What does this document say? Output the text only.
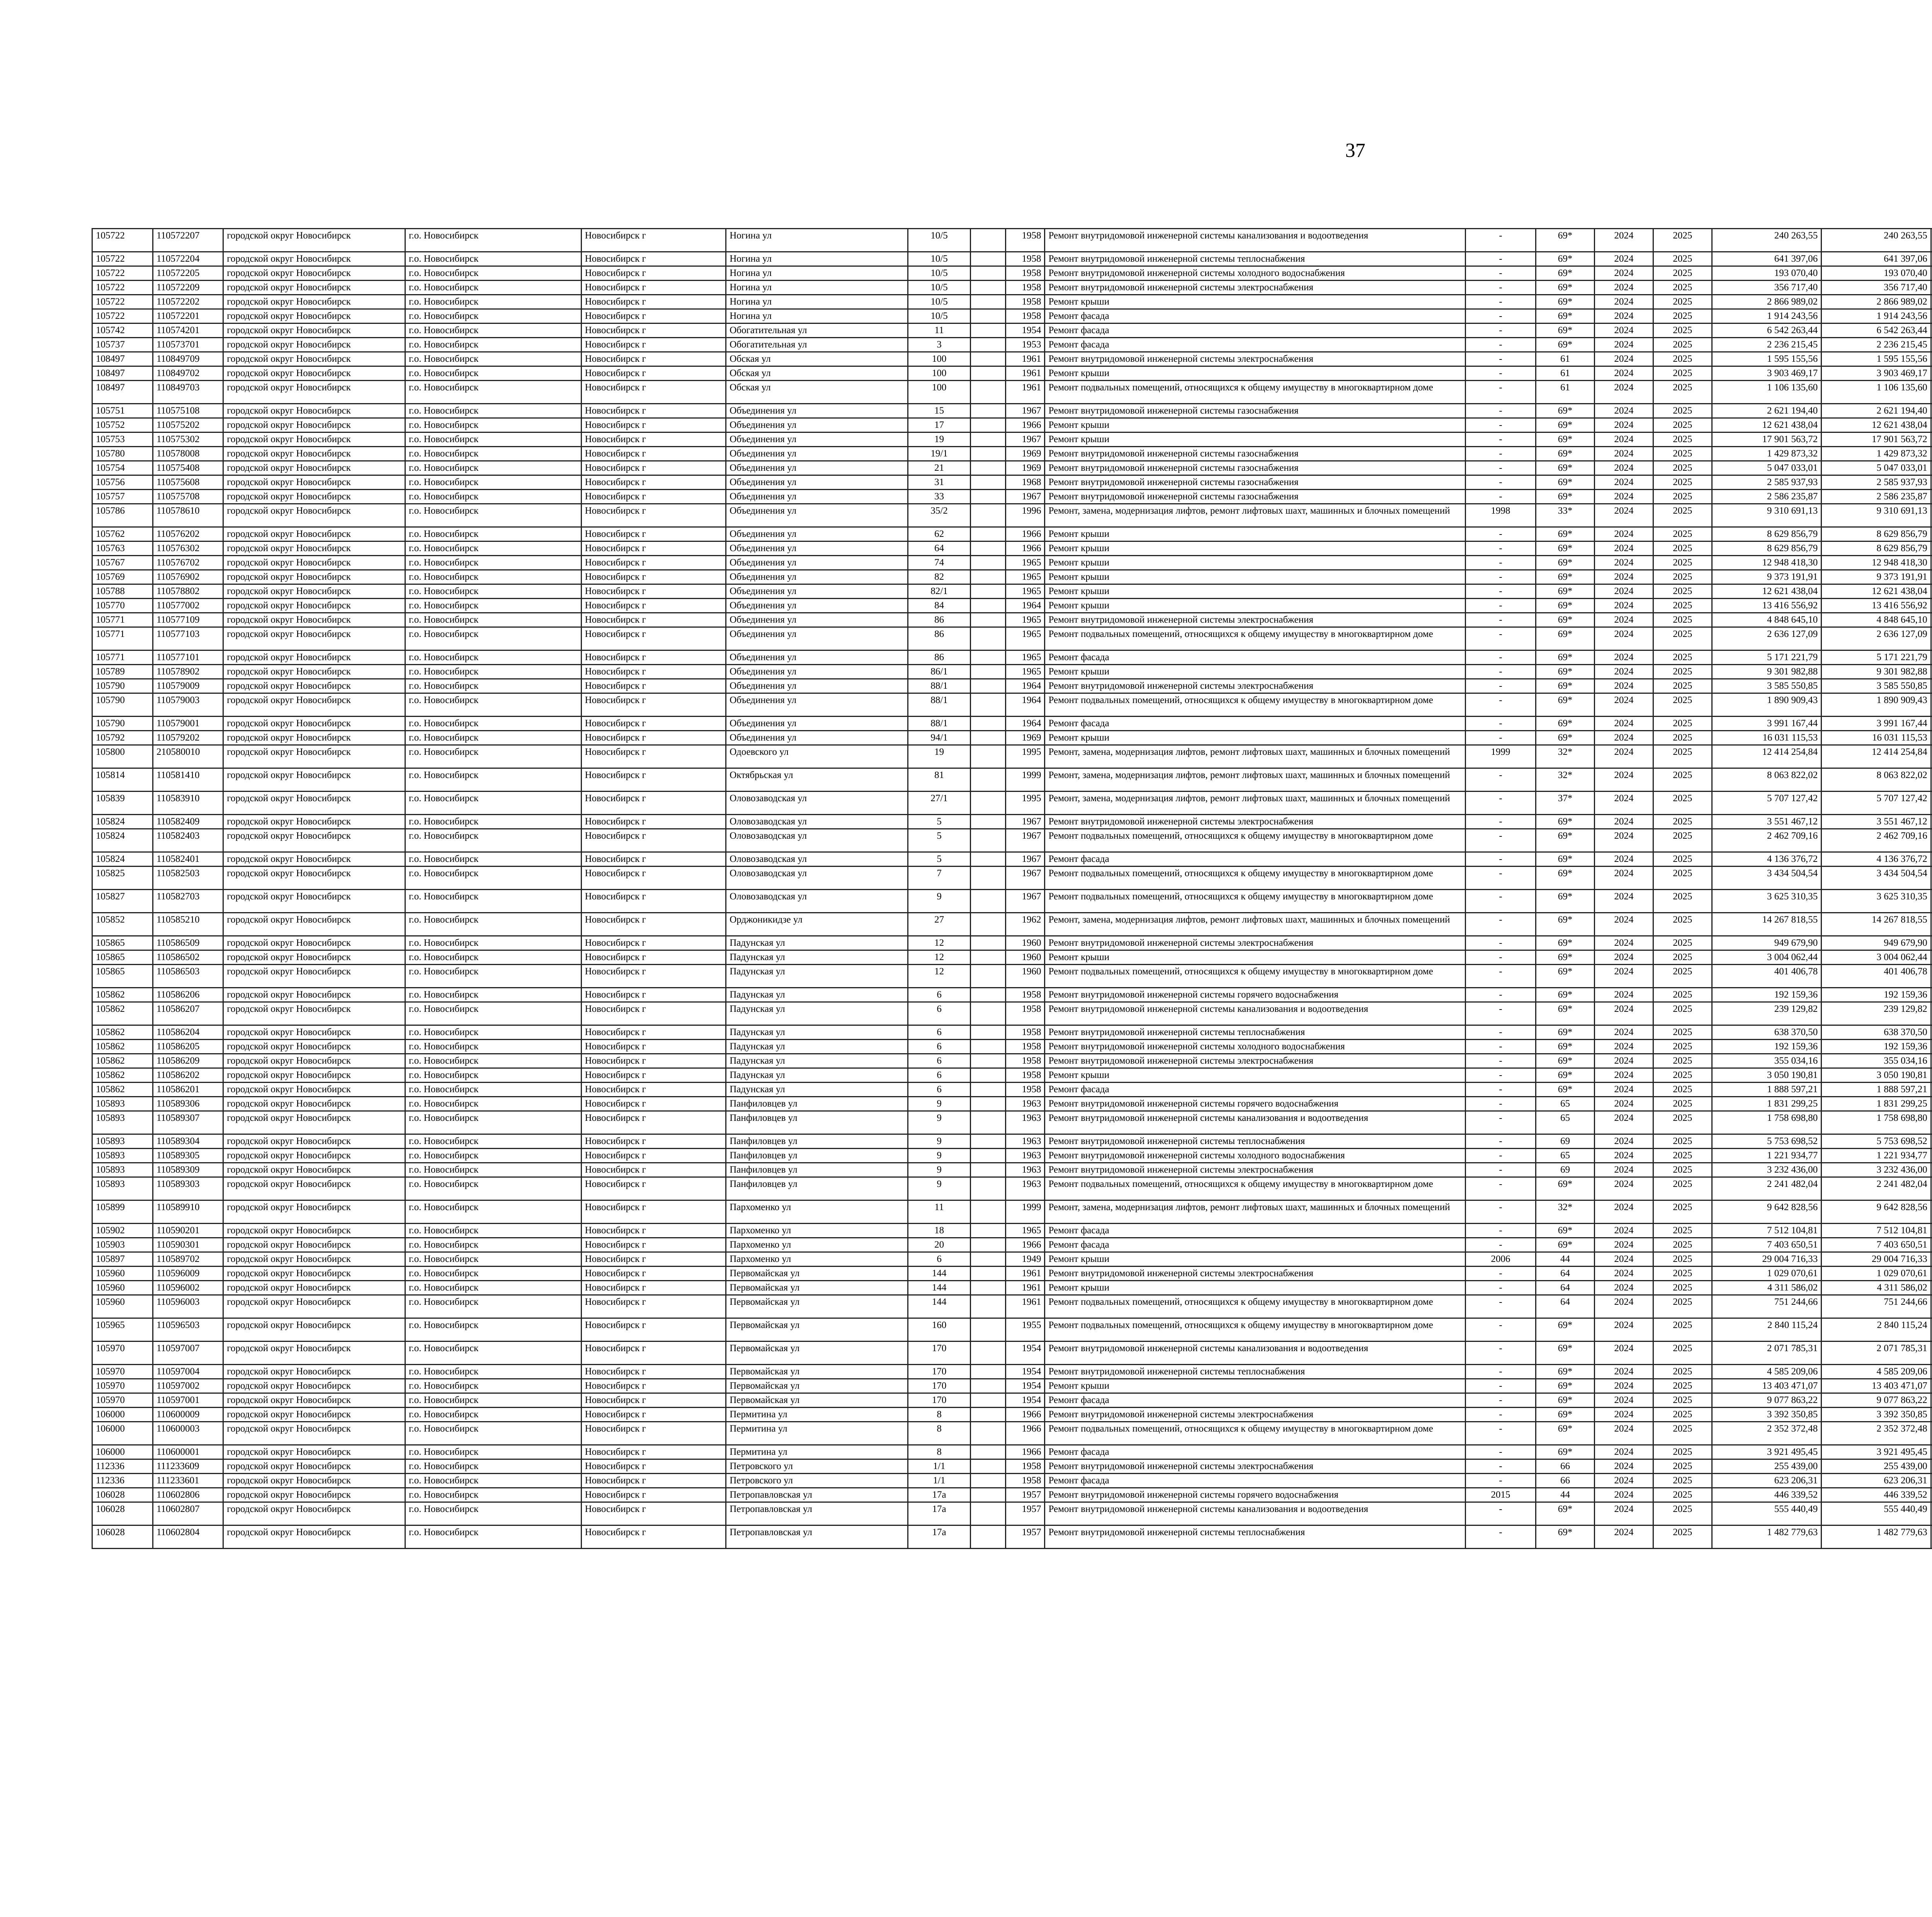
37
105722	110572207	городской округ Новосибирск	г.о. Новосибирск	Новосибирск г	Ногина ул	10/5		1958	Ремонт внутридомовой инженерной системы канализования и водоотведения	-	69*	2024	2025	240 263,55	240 263,55						
105722	110572204	городской округ Новосибирск	г.о. Новосибирск	Новосибирск г	Ногина ул	10/5		1958	Ремонт внутридомовой инженерной системы теплоснабжения	-	69*	2024	2025	641 397,06	641 397,06						
105722	110572205	городской округ Новосибирск	г.о. Новосибирск	Новосибирск г	Ногина ул	10/5		1958	Ремонт внутридомовой инженерной системы холодного водоснабжения	-	69*	2024	2025	193 070,40	193 070,40						
105722	110572209	городской округ Новосибирск	г.о. Новосибирск	Новосибирск г	Ногина ул	10/5		1958	Ремонт внутридомовой инженерной системы электроснабжения	-	69*	2024	2025	356 717,40	356 717,40						
105722	110572202	городской округ Новосибирск	г.о. Новосибирск	Новосибирск г	Ногина ул	10/5		1958	Ремонт крыши	-	69*	2024	2025	2 866 989,02	2 866 989,02						
105722	110572201	городской округ Новосибирск	г.о. Новосибирск	Новосибирск г	Ногина ул	10/5		1958	Ремонт фасада	-	69*	2024	2025	1 914 243,56	1 914 243,56						
105742	110574201	городской округ Новосибирск	г.о. Новосибирск	Новосибирск г	Обогатительная ул	11		1954	Ремонт фасада	-	69*	2024	2025	6 542 263,44	6 542 263,44						
105737	110573701	городской округ Новосибирск	г.о. Новосибирск	Новосибирск г	Обогатительная ул	3		1953	Ремонт фасада	-	69*	2024	2025	2 236 215,45	2 236 215,45						
108497	110849709	городской округ Новосибирск	г.о. Новосибирск	Новосибирск г	Обская ул	100		1961	Ремонт внутридомовой инженерной системы электроснабжения	-	61	2024	2025	1 595 155,56	1 595 155,56						
108497	110849702	городской округ Новосибирск	г.о. Новосибирск	Новосибирск г	Обская ул	100		1961	Ремонт крыши	-	61	2024	2025	3 903 469,17	3 903 469,17						
108497	110849703	городской округ Новосибирск	г.о. Новосибирск	Новосибирск г	Обская ул	100		1961	Ремонт подвальных помещений, относящихся к общему имуществу в многоквартирном доме	-	61	2024	2025	1 106 135,60	1 106 135,60						
105751	110575108	городской округ Новосибирск	г.о. Новосибирск	Новосибирск г	Объединения ул	15		1967	Ремонт внутридомовой инженерной системы газоснабжения	-	69*	2024	2025	2 621 194,40	2 621 194,40						
105752	110575202	городской округ Новосибирск	г.о. Новосибирск	Новосибирск г	Объединения ул	17		1966	Ремонт крыши	-	69*	2024	2025	12 621 438,04	12 621 438,04						
105753	110575302	городской округ Новосибирск	г.о. Новосибирск	Новосибирск г	Объединения ул	19		1967	Ремонт крыши	-	69*	2024	2025	17 901 563,72	17 901 563,72						
105780	110578008	городской округ Новосибирск	г.о. Новосибирск	Новосибирск г	Объединения ул	19/1		1969	Ремонт внутридомовой инженерной системы газоснабжения	-	69*	2024	2025	1 429 873,32	1 429 873,32						
105754	110575408	городской округ Новосибирск	г.о. Новосибирск	Новосибирск г	Объединения ул	21		1969	Ремонт внутридомовой инженерной системы газоснабжения	-	69*	2024	2025	5 047 033,01	5 047 033,01						
105756	110575608	городской округ Новосибирск	г.о. Новосибирск	Новосибирск г	Объединения ул	31		1968	Ремонт внутридомовой инженерной системы газоснабжения	-	69*	2024	2025	2 585 937,93	2 585 937,93						
105757	110575708	городской округ Новосибирск	г.о. Новосибирск	Новосибирск г	Объединения ул	33		1967	Ремонт внутридомовой инженерной системы газоснабжения	-	69*	2024	2025	2 586 235,87	2 586 235,87						
105786	110578610	городской округ Новосибирск	г.о. Новосибирск	Новосибирск г	Объединения ул	35/2		1996	Ремонт, замена, модернизация лифтов, ремонт лифтовых шахт, машинных и блочных помещений	1998	33*	2024	2025	9 310 691,13	9 310 691,13						
105762	110576202	городской округ Новосибирск	г.о. Новосибирск	Новосибирск г	Объединения ул	62		1966	Ремонт крыши	-	69*	2024	2025	8 629 856,79	8 629 856,79						
105763	110576302	городской округ Новосибирск	г.о. Новосибирск	Новосибирск г	Объединения ул	64		1966	Ремонт крыши	-	69*	2024	2025	8 629 856,79	8 629 856,79						
105767	110576702	городской округ Новосибирск	г.о. Новосибирск	Новосибирск г	Объединения ул	74		1965	Ремонт крыши	-	69*	2024	2025	12 948 418,30	12 948 418,30						
105769	110576902	городской округ Новосибирск	г.о. Новосибирск	Новосибирск г	Объединения ул	82		1965	Ремонт крыши	-	69*	2024	2025	9 373 191,91	9 373 191,91						
105788	110578802	городской округ Новосибирск	г.о. Новосибирск	Новосибирск г	Объединения ул	82/1		1965	Ремонт крыши	-	69*	2024	2025	12 621 438,04	12 621 438,04						
105770	110577002	городской округ Новосибирск	г.о. Новосибирск	Новосибирск г	Объединения ул	84		1964	Ремонт крыши	-	69*	2024	2025	13 416 556,92	13 416 556,92						
105771	110577109	городской округ Новосибирск	г.о. Новосибирск	Новосибирск г	Объединения ул	86		1965	Ремонт внутридомовой инженерной системы электроснабжения	-	69*	2024	2025	4 848 645,10	4 848 645,10						
105771	110577103	городской округ Новосибирск	г.о. Новосибирск	Новосибирск г	Объединения ул	86		1965	Ремонт подвальных помещений, относящихся к общему имуществу в многоквартирном доме	-	69*	2024	2025	2 636 127,09	2 636 127,09						
105771	110577101	городской округ Новосибирск	г.о. Новосибирск	Новосибирск г	Объединения ул	86		1965	Ремонт фасада	-	69*	2024	2025	5 171 221,79	5 171 221,79						
105789	110578902	городской округ Новосибирск	г.о. Новосибирск	Новосибирск г	Объединения ул	86/1		1965	Ремонт крыши	-	69*	2024	2025	9 301 982,88	9 301 982,88						
105790	110579009	городской округ Новосибирск	г.о. Новосибирск	Новосибирск г	Объединения ул	88/1		1964	Ремонт внутридомовой инженерной системы электроснабжения	-	69*	2024	2025	3 585 550,85	3 585 550,85						
105790	110579003	городской округ Новосибирск	г.о. Новосибирск	Новосибирск г	Объединения ул	88/1		1964	Ремонт подвальных помещений, относящихся к общему имуществу в многоквартирном доме	-	69*	2024	2025	1 890 909,43	1 890 909,43						
105790	110579001	городской округ Новосибирск	г.о. Новосибирск	Новосибирск г	Объединения ул	88/1		1964	Ремонт фасада	-	69*	2024	2025	3 991 167,44	3 991 167,44						
105792	110579202	городской округ Новосибирск	г.о. Новосибирск	Новосибирск г	Объединения ул	94/1		1969	Ремонт крыши	-	69*	2024	2025	16 031 115,53	16 031 115,53						
105800	210580010	городской округ Новосибирск	г.о. Новосибирск	Новосибирск г	Одоевского ул	19		1995	Ремонт, замена, модернизация лифтов, ремонт лифтовых шахт, машинных и блочных помещений	1999	32*	2024	2025	12 414 254,84	12 414 254,84						
105814	110581410	городской округ Новосибирск	г.о. Новосибирск	Новосибирск г	Октябрьская ул	81		1999	Ремонт, замена, модернизация лифтов, ремонт лифтовых шахт, машинных и блочных помещений	-	32*	2024	2025	8 063 822,02	8 063 822,02						
105839	110583910	городской округ Новосибирск	г.о. Новосибирск	Новосибирск г	Оловозаводская ул	27/1		1995	Ремонт, замена, модернизация лифтов, ремонт лифтовых шахт, машинных и блочных помещений	-	37*	2024	2025	5 707 127,42	5 707 127,42						
105824	110582409	городской округ Новосибирск	г.о. Новосибирск	Новосибирск г	Оловозаводская ул	5		1967	Ремонт внутридомовой инженерной системы электроснабжения	-	69*	2024	2025	3 551 467,12	3 551 467,12						
105824	110582403	городской округ Новосибирск	г.о. Новосибирск	Новосибирск г	Оловозаводская ул	5		1967	Ремонт подвальных помещений, относящихся к общему имуществу в многоквартирном доме	-	69*	2024	2025	2 462 709,16	2 462 709,16						
105824	110582401	городской округ Новосибирск	г.о. Новосибирск	Новосибирск г	Оловозаводская ул	5		1967	Ремонт фасада	-	69*	2024	2025	4 136 376,72	4 136 376,72						
105825	110582503	городской округ Новосибирск	г.о. Новосибирск	Новосибирск г	Оловозаводская ул	7		1967	Ремонт подвальных помещений, относящихся к общему имуществу в многоквартирном доме	-	69*	2024	2025	3 434 504,54	3 434 504,54						
105827	110582703	городской округ Новосибирск	г.о. Новосибирск	Новосибирск г	Оловозаводская ул	9		1967	Ремонт подвальных помещений, относящихся к общему имуществу в многоквартирном доме	-	69*	2024	2025	3 625 310,35	3 625 310,35						
105852	110585210	городской округ Новосибирск	г.о. Новосибирск	Новосибирск г	Орджоникидзе ул	27		1962	Ремонт, замена, модернизация лифтов, ремонт лифтовых шахт, машинных и блочных помещений	-	69*	2024	2025	14 267 818,55	14 267 818,55						
105865	110586509	городской округ Новосибирск	г.о. Новосибирск	Новосибирск г	Падунская ул	12		1960	Ремонт внутридомовой инженерной системы электроснабжения	-	69*	2024	2025	949 679,90	949 679,90						
105865	110586502	городской округ Новосибирск	г.о. Новосибирск	Новосибирск г	Падунская ул	12		1960	Ремонт крыши	-	69*	2024	2025	3 004 062,44	3 004 062,44						
105865	110586503	городской округ Новосибирск	г.о. Новосибирск	Новосибирск г	Падунская ул	12		1960	Ремонт подвальных помещений, относящихся к общему имуществу в многоквартирном доме	-	69*	2024	2025	401 406,78	401 406,78						
105862	110586206	городской округ Новосибирск	г.о. Новосибирск	Новосибирск г	Падунская ул	6		1958	Ремонт внутридомовой инженерной системы горячего водоснабжения	-	69*	2024	2025	192 159,36	192 159,36						
105862	110586207	городской округ Новосибирск	г.о. Новосибирск	Новосибирск г	Падунская ул	6		1958	Ремонт внутридомовой инженерной системы канализования и водоотведения	-	69*	2024	2025	239 129,82	239 129,82						
105862	110586204	городской округ Новосибирск	г.о. Новосибирск	Новосибирск г	Падунская ул	6		1958	Ремонт внутридомовой инженерной системы теплоснабжения	-	69*	2024	2025	638 370,50	638 370,50						
105862	110586205	городской округ Новосибирск	г.о. Новосибирск	Новосибирск г	Падунская ул	6		1958	Ремонт внутридомовой инженерной системы холодного водоснабжения	-	69*	2024	2025	192 159,36	192 159,36						
105862	110586209	городской округ Новосибирск	г.о. Новосибирск	Новосибирск г	Падунская ул	6		1958	Ремонт внутридомовой инженерной системы электроснабжения	-	69*	2024	2025	355 034,16	355 034,16						
105862	110586202	городской округ Новосибирск	г.о. Новосибирск	Новосибирск г	Падунская ул	6		1958	Ремонт крыши	-	69*	2024	2025	3 050 190,81	3 050 190,81						
105862	110586201	городской округ Новосибирск	г.о. Новосибирск	Новосибирск г	Падунская ул	6		1958	Ремонт фасада	-	69*	2024	2025	1 888 597,21	1 888 597,21						
105893	110589306	городской округ Новосибирск	г.о. Новосибирск	Новосибирск г	Панфиловцев ул	9		1963	Ремонт внутридомовой инженерной системы горячего водоснабжения	-	65	2024	2025	1 831 299,25	1 831 299,25						
105893	110589307	городской округ Новосибирск	г.о. Новосибирск	Новосибирск г	Панфиловцев ул	9		1963	Ремонт внутридомовой инженерной системы канализования и водоотведения	-	65	2024	2025	1 758 698,80	1 758 698,80						
105893	110589304	городской округ Новосибирск	г.о. Новосибирск	Новосибирск г	Панфиловцев ул	9		1963	Ремонт внутридомовой инженерной системы теплоснабжения	-	69	2024	2025	5 753 698,52	5 753 698,52						
105893	110589305	городской округ Новосибирск	г.о. Новосибирск	Новосибирск г	Панфиловцев ул	9		1963	Ремонт внутридомовой инженерной системы холодного водоснабжения	-	65	2024	2025	1 221 934,77	1 221 934,77						
105893	110589309	городской округ Новосибирск	г.о. Новосибирск	Новосибирск г	Панфиловцев ул	9		1963	Ремонт внутридомовой инженерной системы электроснабжения	-	69	2024	2025	3 232 436,00	3 232 436,00						
105893	110589303	городской округ Новосибирск	г.о. Новосибирск	Новосибирск г	Панфиловцев ул	9		1963	Ремонт подвальных помещений, относящихся к общему имуществу в многоквартирном доме	-	69*	2024	2025	2 241 482,04	2 241 482,04						
105899	110589910	городской округ Новосибирск	г.о. Новосибирск	Новосибирск г	Пархоменко ул	11		1999	Ремонт, замена, модернизация лифтов, ремонт лифтовых шахт, машинных и блочных помещений	-	32*	2024	2025	9 642 828,56	9 642 828,56						
105902	110590201	городской округ Новосибирск	г.о. Новосибирск	Новосибирск г	Пархоменко ул	18		1965	Ремонт фасада	-	69*	2024	2025	7 512 104,81	7 512 104,81						
105903	110590301	городской округ Новосибирск	г.о. Новосибирск	Новосибирск г	Пархоменко ул	20		1966	Ремонт фасада	-	69*	2024	2025	7 403 650,51	7 403 650,51						
105897	110589702	городской округ Новосибирск	г.о. Новосибирск	Новосибирск г	Пархоменко ул	6		1949	Ремонт крыши	2006	44	2024	2025	29 004 716,33	29 004 716,33						
105960	110596009	городской округ Новосибирск	г.о. Новосибирск	Новосибирск г	Первомайская ул	144		1961	Ремонт внутридомовой инженерной системы электроснабжения	-	64	2024	2025	1 029 070,61	1 029 070,61						
105960	110596002	городской округ Новосибирск	г.о. Новосибирск	Новосибирск г	Первомайская ул	144		1961	Ремонт крыши	-	64	2024	2025	4 311 586,02	4 311 586,02						
105960	110596003	городской округ Новосибирск	г.о. Новосибирск	Новосибирск г	Первомайская ул	144		1961	Ремонт подвальных помещений, относящихся к общему имуществу в многоквартирном доме	-	64	2024	2025	751 244,66	751 244,66						
105965	110596503	городской округ Новосибирск	г.о. Новосибирск	Новосибирск г	Первомайская ул	160		1955	Ремонт подвальных помещений, относящихся к общему имуществу в многоквартирном доме	-	69*	2024	2025	2 840 115,24	2 840 115,24						
105970	110597007	городской округ Новосибирск	г.о. Новосибирск	Новосибирск г	Первомайская ул	170		1954	Ремонт внутридомовой инженерной системы канализования и водоотведения	-	69*	2024	2025	2 071 785,31	2 071 785,31						
105970	110597004	городской округ Новосибирск	г.о. Новосибирск	Новосибирск г	Первомайская ул	170		1954	Ремонт внутридомовой инженерной системы теплоснабжения	-	69*	2024	2025	4 585 209,06	4 585 209,06						
105970	110597002	городской округ Новосибирск	г.о. Новосибирск	Новосибирск г	Первомайская ул	170		1954	Ремонт крыши	-	69*	2024	2025	13 403 471,07	13 403 471,07						
105970	110597001	городской округ Новосибирск	г.о. Новосибирск	Новосибирск г	Первомайская ул	170		1954	Ремонт фасада	-	69*	2024	2025	9 077 863,22	9 077 863,22						
106000	110600009	городской округ Новосибирск	г.о. Новосибирск	Новосибирск г	Пермитина ул	8		1966	Ремонт внутридомовой инженерной системы электроснабжения	-	69*	2024	2025	3 392 350,85	3 392 350,85						
106000	110600003	городской округ Новосибирск	г.о. Новосибирск	Новосибирск г	Пермитина ул	8		1966	Ремонт подвальных помещений, относящихся к общему имуществу в многоквартирном доме	-	69*	2024	2025	2 352 372,48	2 352 372,48						
106000	110600001	городской округ Новосибирск	г.о. Новосибирск	Новосибирск г	Пермитина ул	8		1966	Ремонт фасада	-	69*	2024	2025	3 921 495,45	3 921 495,45						
112336	111233609	городской округ Новосибирск	г.о. Новосибирск	Новосибирск г	Петровского ул	1/1		1958	Ремонт внутридомовой инженерной системы электроснабжения	-	66	2024	2025	255 439,00	255 439,00						
112336	111233601	городской округ Новосибирск	г.о. Новосибирск	Новосибирск г	Петровского ул	1/1		1958	Ремонт фасада	-	66	2024	2025	623 206,31	623 206,31						
106028	110602806	городской округ Новосибирск	г.о. Новосибирск	Новосибирск г	Петропавловская ул	17а		1957	Ремонт внутридомовой инженерной системы горячего водоснабжения	2015	44	2024	2025	446 339,52	446 339,52						
106028	110602807	городской округ Новосибирск	г.о. Новосибирск	Новосибирск г	Петропавловская ул	17а		1957	Ремонт внутридомовой инженерной системы канализования и водоотведения	-	69*	2024	2025	555 440,49	555 440,49						
106028	110602804	городской округ Новосибирск	г.о. Новосибирск	Новосибирск г	Петропавловская ул	17а		1957	Ремонт внутридомовой инженерной системы теплоснабжения	-	69*	2024	2025	1 482 779,63	1 482 779,63						
